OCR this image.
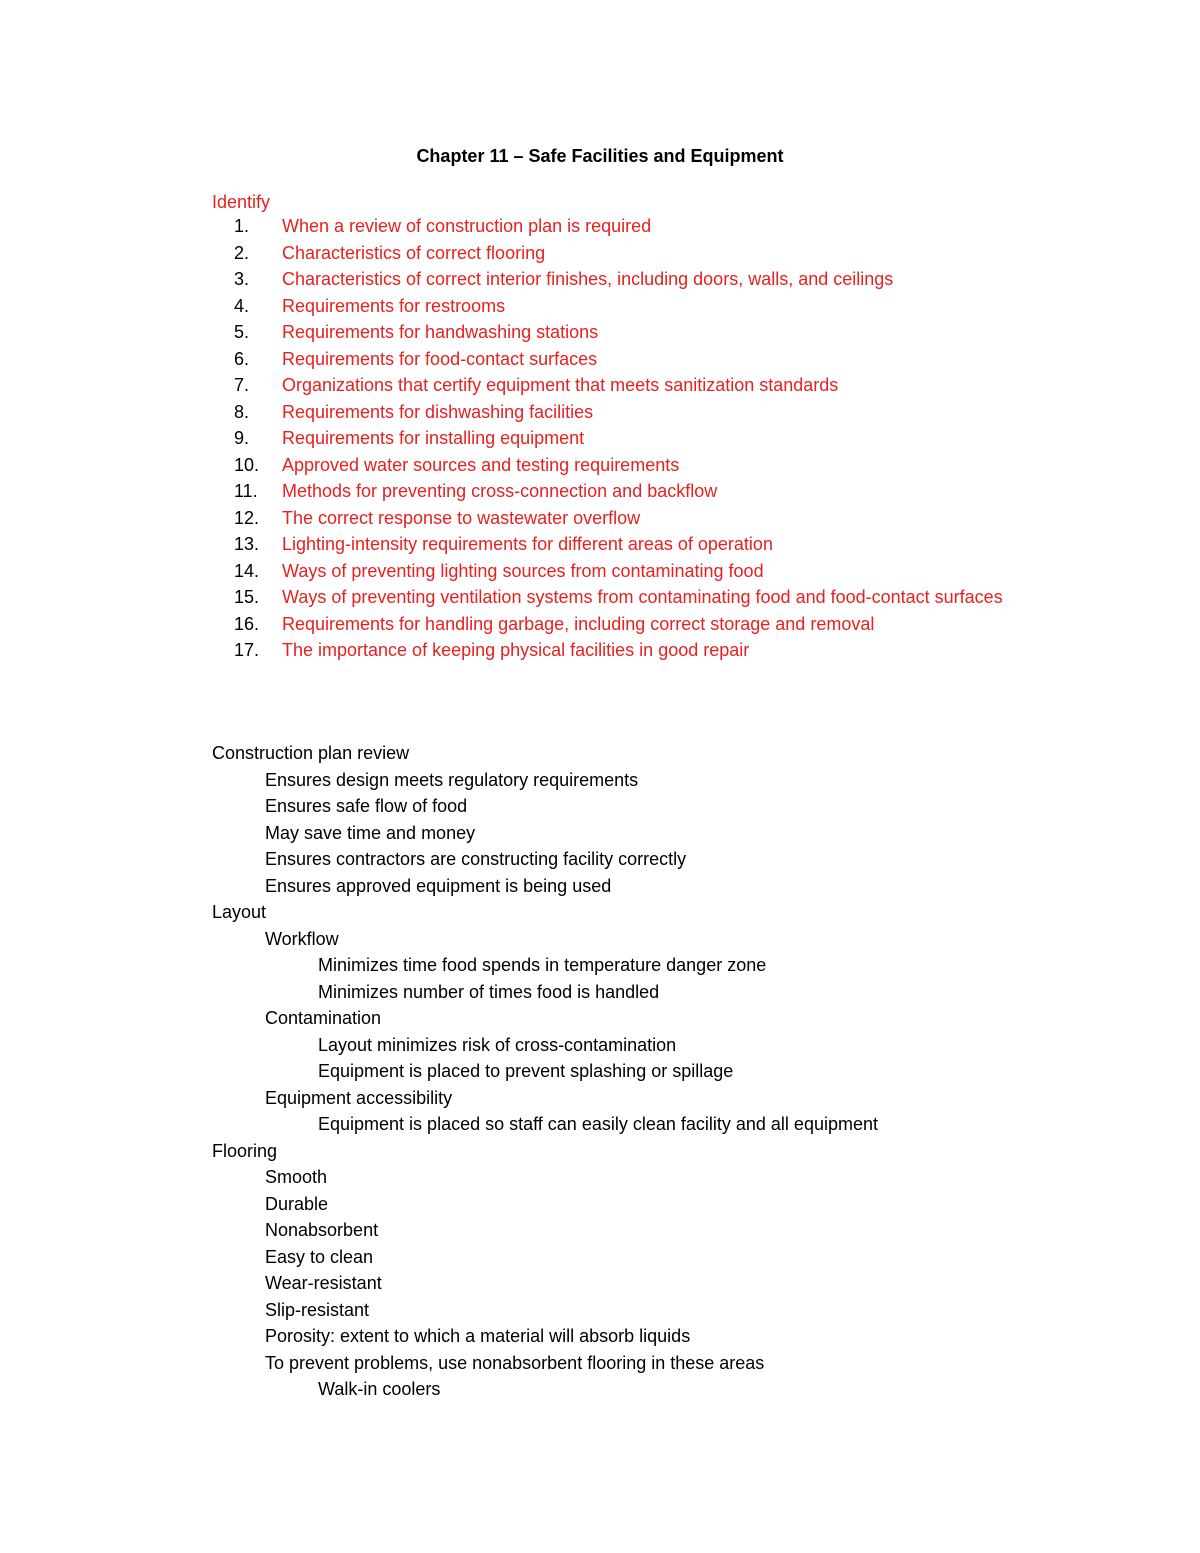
Chapter 11 – Safe Facilities and Equipment
Identify
1.	When a review of construction plan is required
2.	Characteristics of correct flooring
3.	Characteristics of correct interior finishes, including doors, walls, and ceilings
4.	Requirements for restrooms
5.	Requirements for handwashing stations
6.	Requirements for food-contact surfaces
7.	Organizations that certify equipment that meets sanitization standards
8.	Requirements for dishwashing facilities
9.	Requirements for installing equipment
10.	Approved water sources and testing requirements
11.	Methods for preventing cross-connection and backflow
12.	The correct response to wastewater overflow
13.	Lighting-intensity requirements for different areas of operation
14.	Ways of preventing lighting sources from contaminating food
15.	Ways of preventing ventilation systems from contaminating food and food-contact surfaces
16.	Requirements for handling garbage, including correct storage and removal
17.	The importance of keeping physical facilities in good repair
Construction plan review
Ensures design meets regulatory requirements
Ensures safe flow of food
May save time and money
Ensures contractors are constructing facility correctly
Ensures approved equipment is being used
Layout
Workflow
Minimizes time food spends in temperature danger zone
Minimizes number of times food is handled
Contamination
Layout minimizes risk of cross-contamination
Equipment is placed to prevent splashing or spillage
Equipment accessibility
Equipment is placed so staff can easily clean facility and all equipment
Flooring
Smooth
Durable
Nonabsorbent
Easy to clean
Wear-resistant
Slip-resistant
Porosity: extent to which a material will absorb liquids
To prevent problems, use nonabsorbent flooring in these areas
Walk-in coolers
